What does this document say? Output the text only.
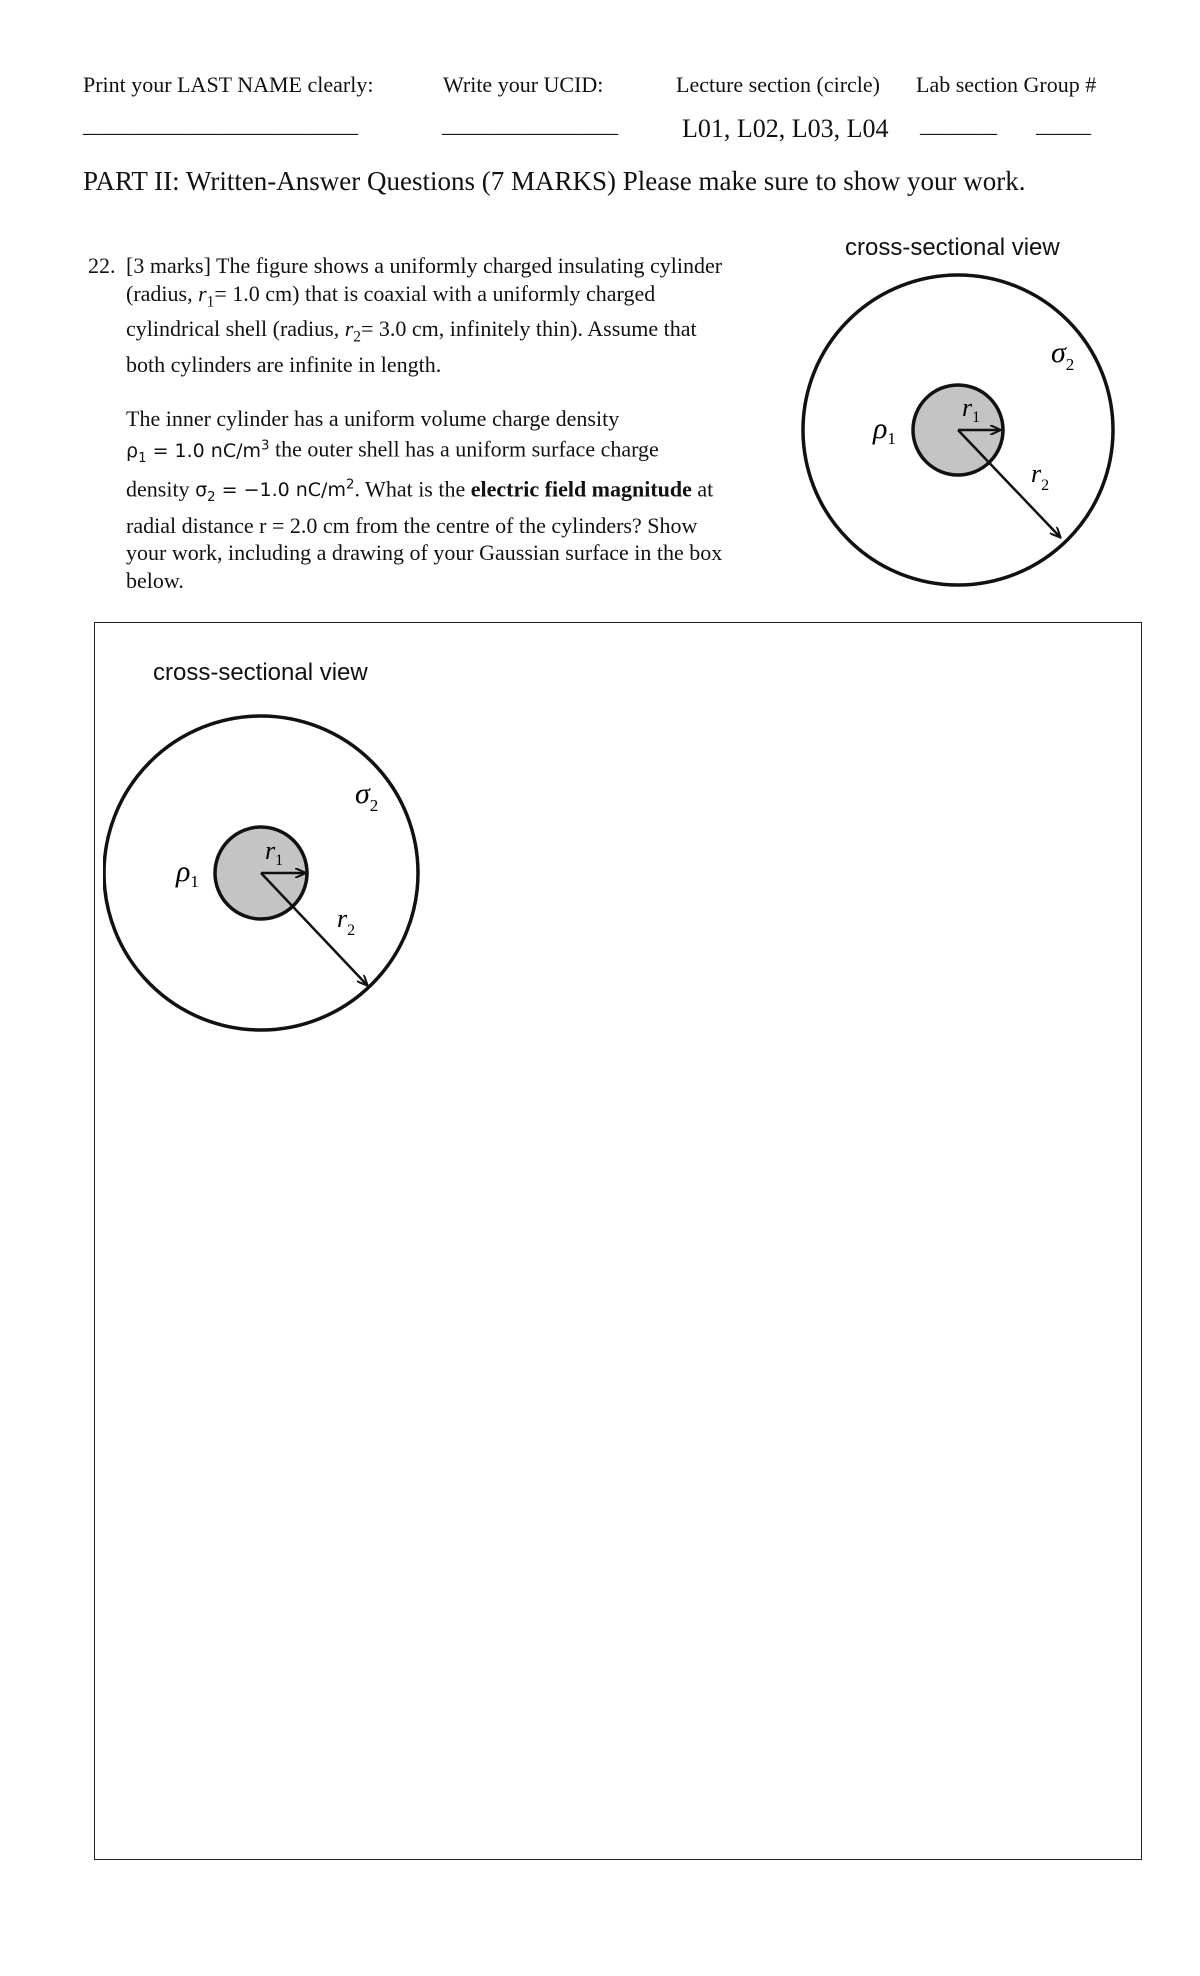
Print your LAST NAME clearly:	Write your UCID:	Lecture section (circle) Lab section Group #
_________________________	________________ L01, L02, L03, L04 _______ _____
PART II: Written-Answer Questions (7 MARKS) Please make sure to show your work.
22. [3 marks] The figure shows a uniformly charged insulating cylinder

(radius, $r_1= 1.0$ cm) that is coaxial with a uniformly charged

cylindrical shell (radius, $r_2= 3.0$ cm, infinitely thin). Assume that

both cylinders are infinite in length.

The inner cylinder has a uniform volume charge density

$\rho_1 = 1.0$ $nC/m^3$ the outer shell has a uniform surface charge

density $\sigma_2 = -1.0$ $nC/m^2$. What is the electric field magnitude at

radial distance r = 2.0 cm from the centre of the cylinders? Show

your work, including a drawing of your Gaussian surface in the box

below.

cross-sectional view
$\rho_1$
$\sigma_2$
$r_1$
$r_2$
cross-sectional view
$\rho_1$
$\sigma_2$
$r_1$
$r_2$
